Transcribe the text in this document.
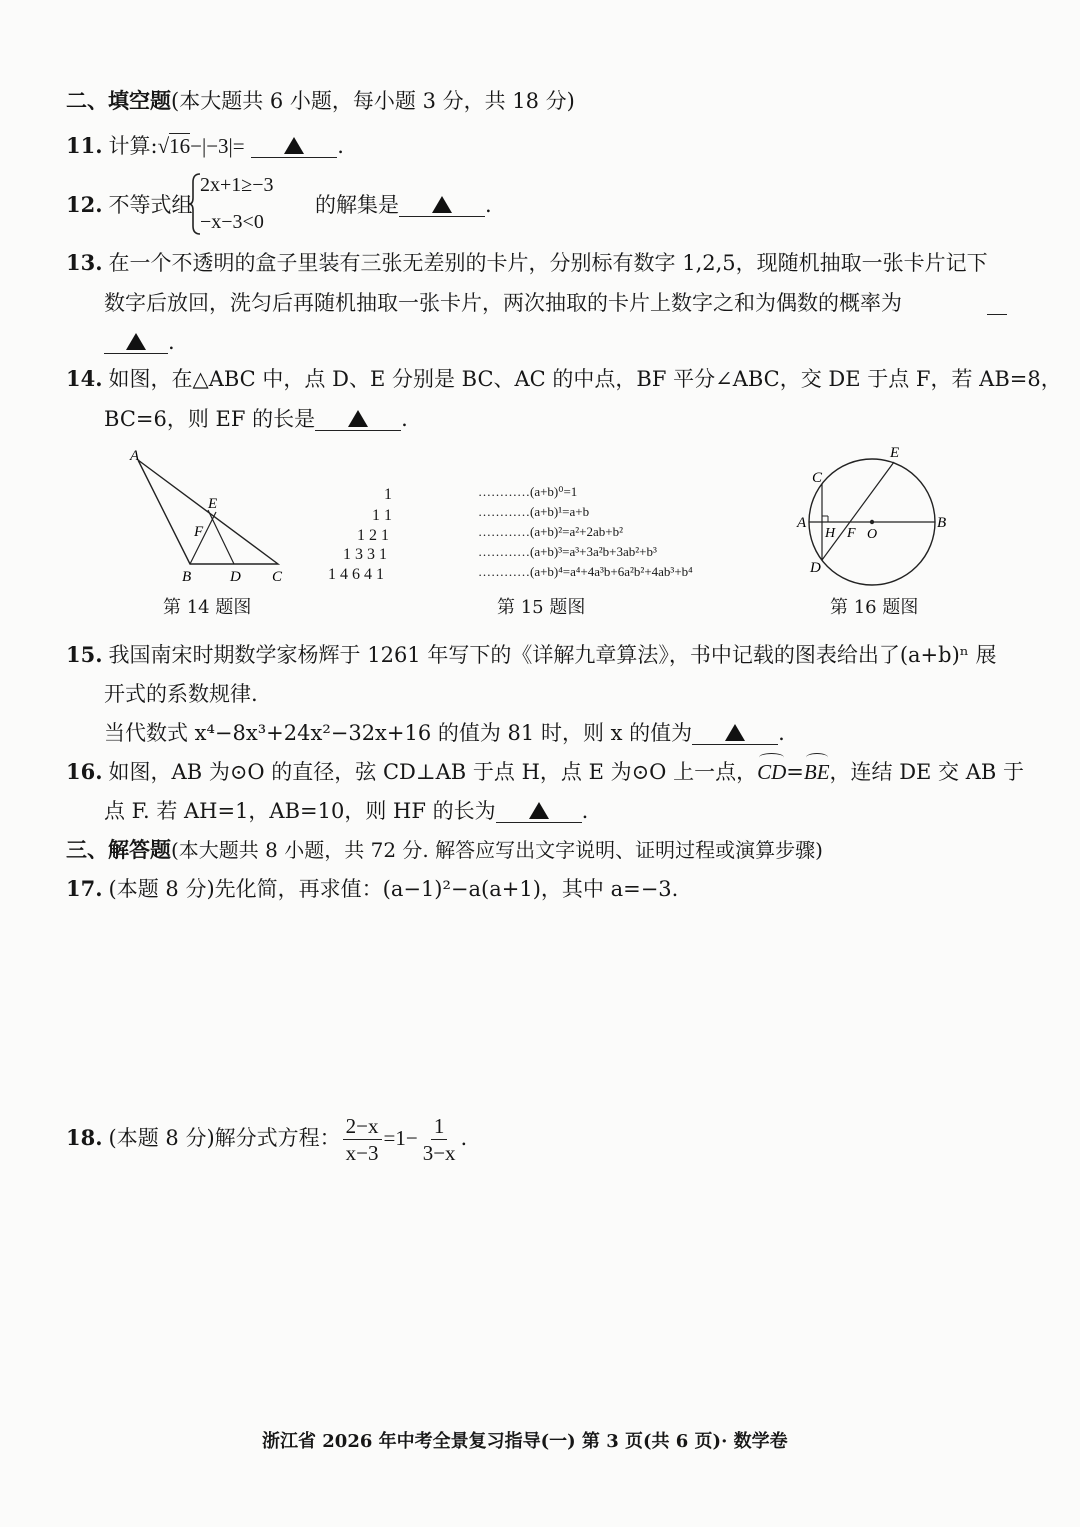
二、填空题(本大题共 6 小题，每小题 3 分，共 18 分)
11. 计算:√16−|−3|=	.
12. 不等式组
2x+1≥−3
−x−3<0
的解集是	.
13. 在一个不透明的盒子里装有三张无差别的卡片，分别标有数字 1,2,5，现随机抽取一张卡片记下
数字后放回，洗匀后再随机抽取一张卡片，两次抽取的卡片上数字之和为偶数的概率为
.
14. 如图，在△ABC 中，点 D、E 分别是 BC、AC 的中点，BF 平分∠ABC，交 DE 于点 F，若 AB=8，
BC=6，则 EF 的长是	.
A
B	D C
E
F
第 14 题图
1
1 1
1 2 1
1 3 3 1
1 4 6 4 1
…………(a+b)⁰=1
…………(a+b)¹=a+b
…………(a+b)²=a²+2ab+b²
…………(a+b)³=a³+3a²b+3ab²+b³
…………(a+b)⁴=a⁴+4a³b+6a²b²+4ab³+b⁴
第 15 题图
E
C
A	B
H F O
D
第 16 题图
15. 我国南宋时期数学家杨辉于 1261 年写下的《详解九章算法》，书中记载的图表给出了(a+b)ⁿ 展
开式的系数规律.
当代数式 x⁴−8x³+24x²−32x+16 的值为 81 时，则 x 的值为	.
16. 如图，AB 为⊙O 的直径，弦 CD⊥AB 于点 H，点 E 为⊙O 上一点，CD=BE，连结 DE 交 AB 于
点 F. 若 AH=1，AB=10，则 HF 的长为	.
三、解答题(本大题共 8 小题，共 72 分. 解答应写出文字说明、证明过程或演算步骤)
17. (本题 8 分)先化简，再求值：(a−1)²−a(a+1)，其中 a=−3.
18. (本题 8 分)解分式方程： $\frac{2-x}{x-3} =1- \frac{1}{3-x}$ .
浙江省 2026 年中考全景复习指导(一) 第 3 页(共 6 页)· 数学卷
